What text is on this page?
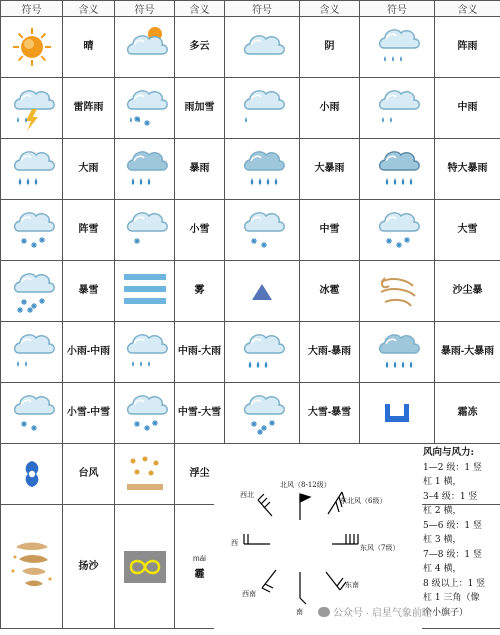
符号	含义	符号	含义	符号	含义	符号	含义

	晴		多云		阴		阵雨

	雷阵雨		雨加雪		小雨		中雨

	大雨		暴雨		大暴雨		特大暴雨

	阵雪		小雪		中雪		大雪

	暴雪		雾		冰雹		沙尘暴

	小雨-中雨		中雨-大雨		大雨-暴雨		暴雨-大暴雨

	小雪-中雪		中雪-大雪		大雪-暴雪		霜冻

	台风		浮尘				

	扬沙		mái
霾				
北风（8-12级）
西北
东北风（6级）
西
东风（7级）
西南
东南
南
风向与风力:
1—2 级：1 竖
杠 1 横，
3–4 级：1 竖
杠 2 横，
5—6 级：1 竖
杠 3 横，
7—8 级：1 竖
杠 4 横，
8 级以上：1 竖
杠 1 三角（像
个小旗子）
公众号 · 启星气象前瞻
